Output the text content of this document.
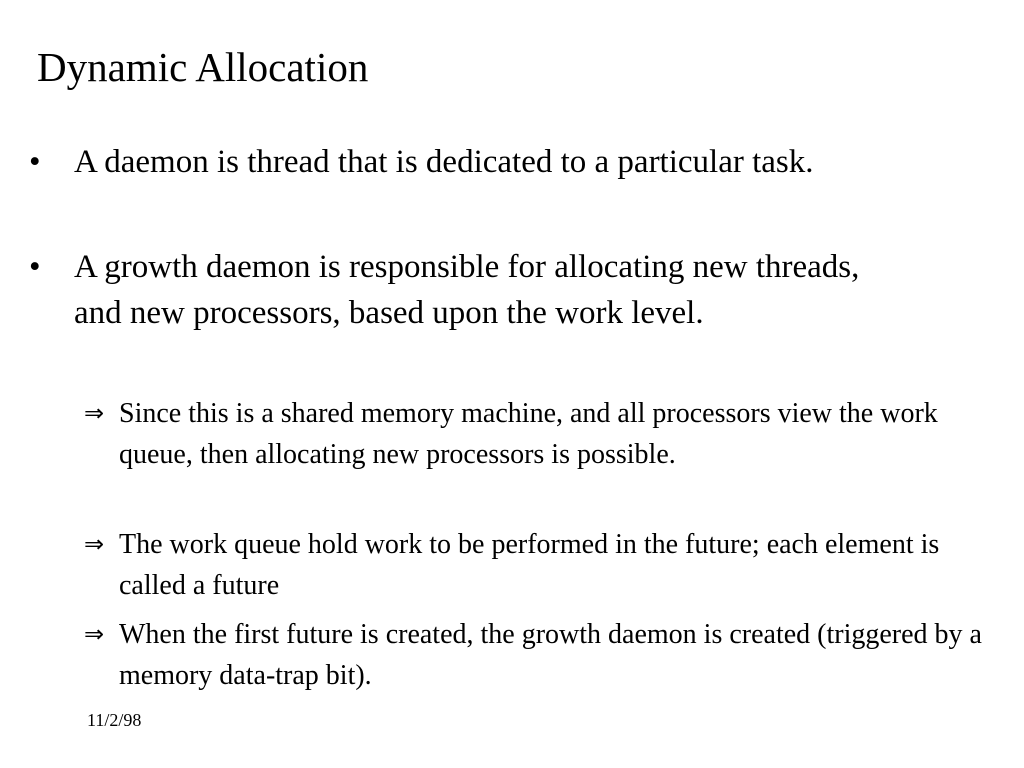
Dynamic Allocation
•	A daemon is thread that is dedicated to a particular task.
•	A growth daemon is responsible for allocating new threads, and new processors, based upon the work level.
⇒ Since this is a shared memory machine, and all processors view the work queue, then allocating new processors is possible.
⇒ The work queue hold work to be performed in the future; each element is called a future
⇒ When the first future is created, the growth daemon is created (triggered by a memory data-trap bit).
11/2/98
